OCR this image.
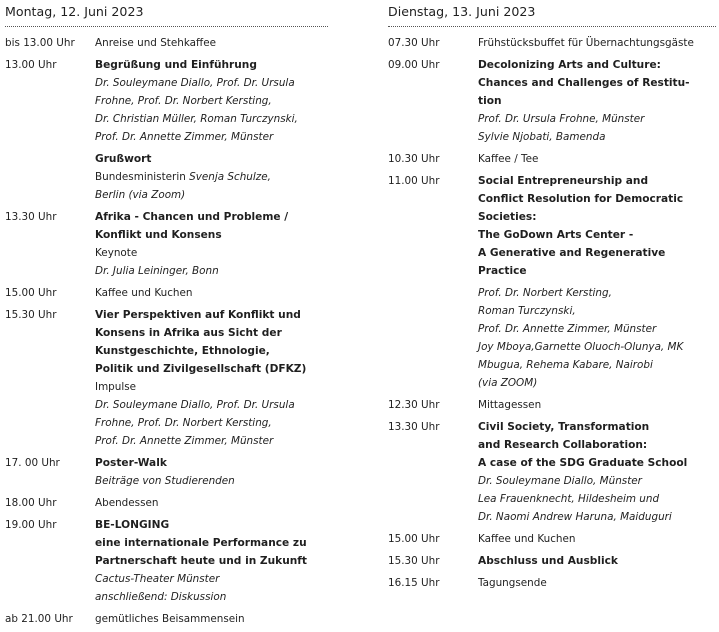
Montag, 12. Juni 2023
bis 13.00 Uhr	Anreise und Stehkaffee
13.00 Uhr	Begrüßung und Einführung
Dr. Souleymane Diallo, Prof. Dr. Ursula
Frohne, Prof. Dr. Norbert Kersting,
Dr. Christian Müller, Roman Turczynski,
Prof. Dr. Annette Zimmer, Münster
Grußwort
Bundesministerin Svenja Schulze,
Berlin (via Zoom)
13.30 Uhr	Afrika - Chancen und Probleme /
Konflikt und Konsens
Keynote
Dr. Julia Leininger, Bonn
15.00 Uhr	Kaffee und Kuchen
15.30 Uhr	Vier Perspektiven auf Konflikt und
Konsens in Afrika aus Sicht der
Kunstgeschichte, Ethnologie,
Politik und Zivilgesellschaft (DFKZ)
Impulse
Dr. Souleymane Diallo, Prof. Dr. Ursula
Frohne, Prof. Dr. Norbert Kersting,
Prof. Dr. Annette Zimmer, Münster
17. 00 Uhr	Poster-Walk
Beiträge von Studierenden
18.00 Uhr	Abendessen
19.00 Uhr	BE-LONGING
eine internationale Performance zu
Partnerschaft heute und in Zukunft
Cactus-Theater Münster
anschließend: Diskussion
ab 21.00 Uhr	gemütliches Beisammensein
Dienstag, 13. Juni 2023
07.30 Uhr	Frühstücksbuffet für Übernachtungsgäste
09.00 Uhr	Decolonizing Arts and Culture:
Chances and Challenges of Restitu-
tion
Prof. Dr. Ursula Frohne, Münster
Sylvie Njobati, Bamenda
10.30 Uhr	Kaffee / Tee
11.00 Uhr	Social Entrepreneurship and
Conflict Resolution for Democratic
Societies:
The GoDown Arts Center -
A Generative and Regenerative
Practice
Prof. Dr. Norbert Kersting,
Roman Turczynski,
Prof. Dr. Annette Zimmer, Münster
Joy Mboya,Garnette Oluoch-Olunya, MK
Mbugua, Rehema Kabare, Nairobi
(via ZOOM)
12.30 Uhr	Mittagessen
13.30 Uhr	Civil Society, Transformation
and Research Collaboration:
A case of the SDG Graduate School
Dr. Souleymane Diallo, Münster
Lea Frauenknecht, Hildesheim und
Dr. Naomi Andrew Haruna, Maiduguri
15.00 Uhr	Kaffee und Kuchen
15.30 Uhr	Abschluss und Ausblick
16.15 Uhr	Tagungsende
